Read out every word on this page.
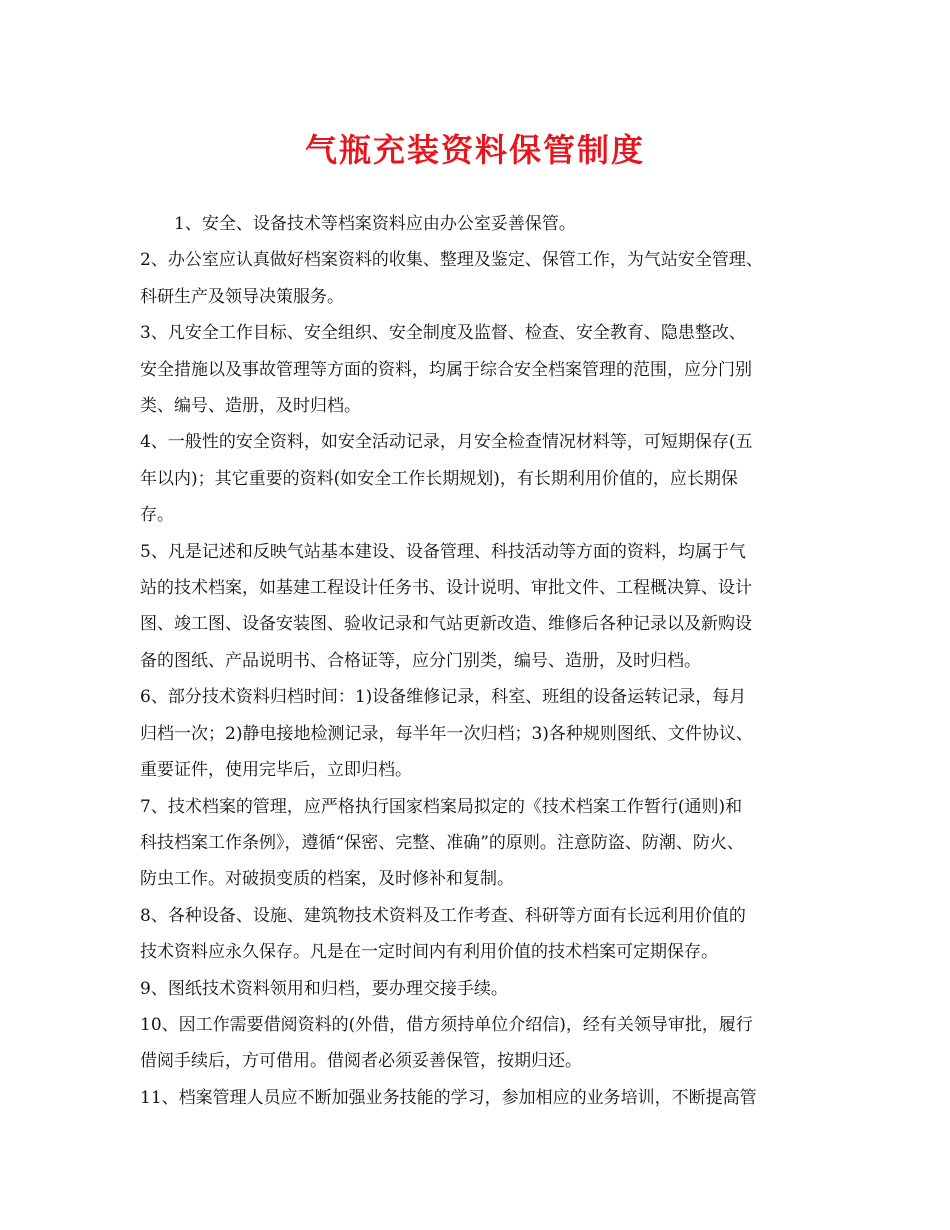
气瓶充装资料保管制度

1、安全、设备技术等档案资料应由办公室妥善保管。

2、办公室应认真做好档案资料的收集、整理及鉴定、保管工作，为气站安全管理、
科研生产及领导决策服务。

3、凡安全工作目标、安全组织、安全制度及监督、检查、安全教育、隐患整改、
安全措施以及事故管理等方面的资料，均属于综合安全档案管理的范围，应分门别
类、编号、造册，及时归档。

4、一般性的安全资料，如安全活动记录，月安全检查情况材料等，可短期保存(五
年以内)；其它重要的资料(如安全工作长期规划)，有长期利用价值的，应长期保
存。

5、凡是记述和反映气站基本建设、设备管理、科技活动等方面的资料，均属于气
站的技术档案，如基建工程设计任务书、设计说明、审批文件、工程概决算、设计
图、竣工图、设备安装图、验收记录和气站更新改造、维修后各种记录以及新购设
备的图纸、产品说明书、合格证等，应分门别类，编号、造册，及时归档。

6、部分技术资料归档时间：1)设备维修记录，科室、班组的设备运转记录，每月
归档一次；2)静电接地检测记录，每半年一次归档；3)各种规则图纸、文件协议、
重要证件，使用完毕后，立即归档。

7、技术档案的管理，应严格执行国家档案局拟定的《技术档案工作暂行(通则)和
科技档案工作条例》，遵循“保密、完整、准确”的原则。注意防盗、防潮、防火、
防虫工作。对破损变质的档案，及时修补和复制。

8、各种设备、设施、建筑物技术资料及工作考查、科研等方面有长远利用价值的
技术资料应永久保存。凡是在一定时间内有利用价值的技术档案可定期保存。

9、图纸技术资料领用和归档，要办理交接手续。

10、因工作需要借阅资料的(外借，借方须持单位介绍信)，经有关领导审批，履行
借阅手续后，方可借用。借阅者必须妥善保管，按期归还。

11、档案管理人员应不断加强业务技能的学习，参加相应的业务培训，不断提高管
